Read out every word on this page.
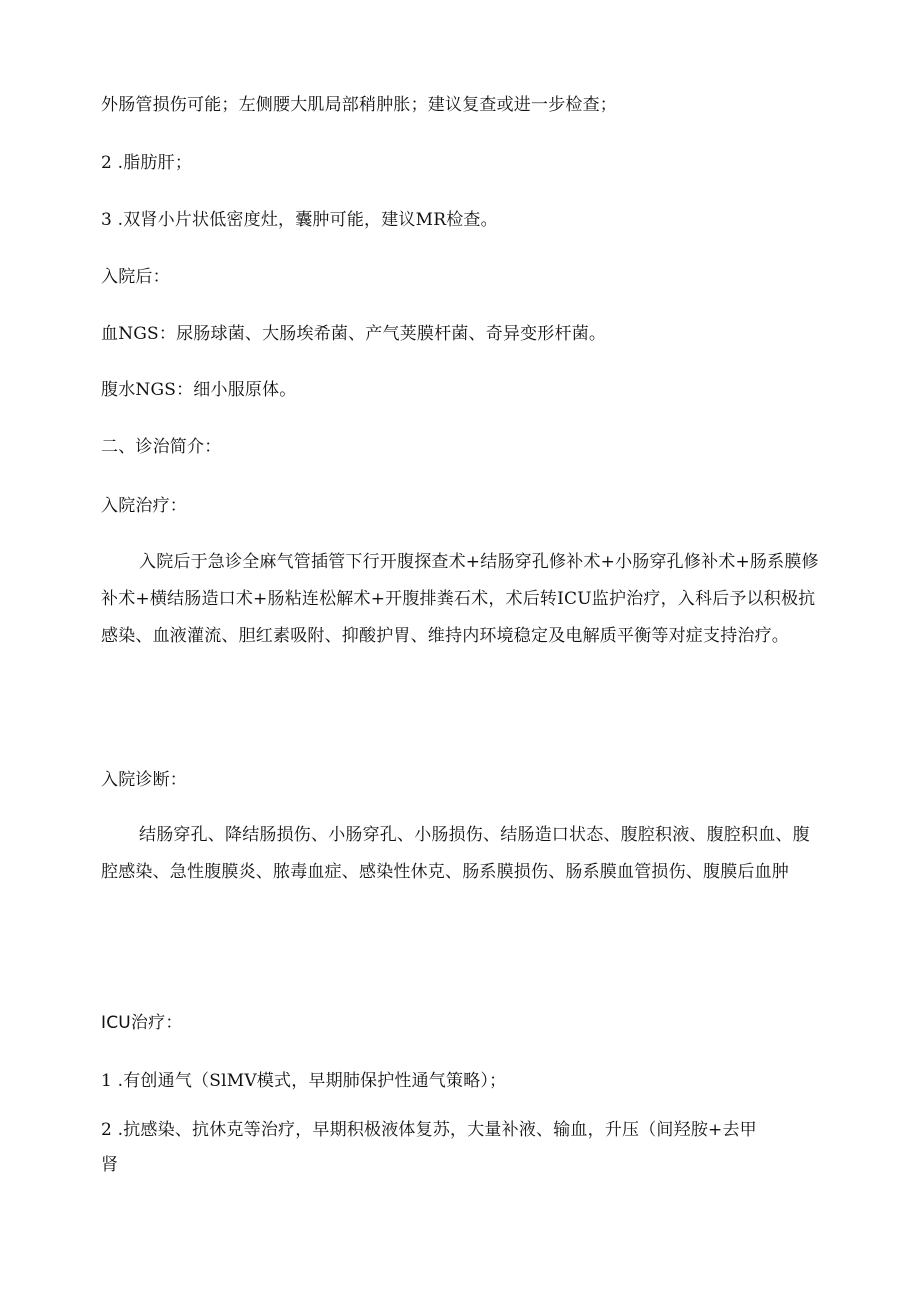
外肠管损伤可能；左侧腰大肌局部稍肿胀；建议复查或进一步检查；
2 .脂肪肝；
3 .双肾小片状低密度灶，囊肿可能，建议MR检查。
入院后：
血NGS：尿肠球菌、大肠埃希菌、产气荚膜杆菌、奇异变形杆菌。
腹水NGS：细小服原体。
二、诊治简介：
入院治疗：

入院后于急诊全麻气管插管下行开腹探查术+结肠穿孔修补术+小肠穿孔修补术+肠系膜修补术+横结肠造口术+肠粘连松解术+开腹排粪石术，术后转ICU监护治疗，入科后予以积极抗感染、血液灌流、胆红素吸附、抑酸护胃、维持内环境稳定及电解质平衡等对症支持治疗。

入院诊断：

结肠穿孔、降结肠损伤、小肠穿孔、小肠损伤、结肠造口状态、腹腔积液、腹腔积血、腹腔感染、急性腹膜炎、脓毒血症、感染性休克、肠系膜损伤、肠系膜血管损伤、腹膜后血肿

ICU治疗：
1 .有创通气（SlMV模式，早期肺保护性通气策略）；
2 .抗感染、抗休克等治疗，早期积极液体复苏，大量补液、输血，升压（间羟胺+去甲
肾
